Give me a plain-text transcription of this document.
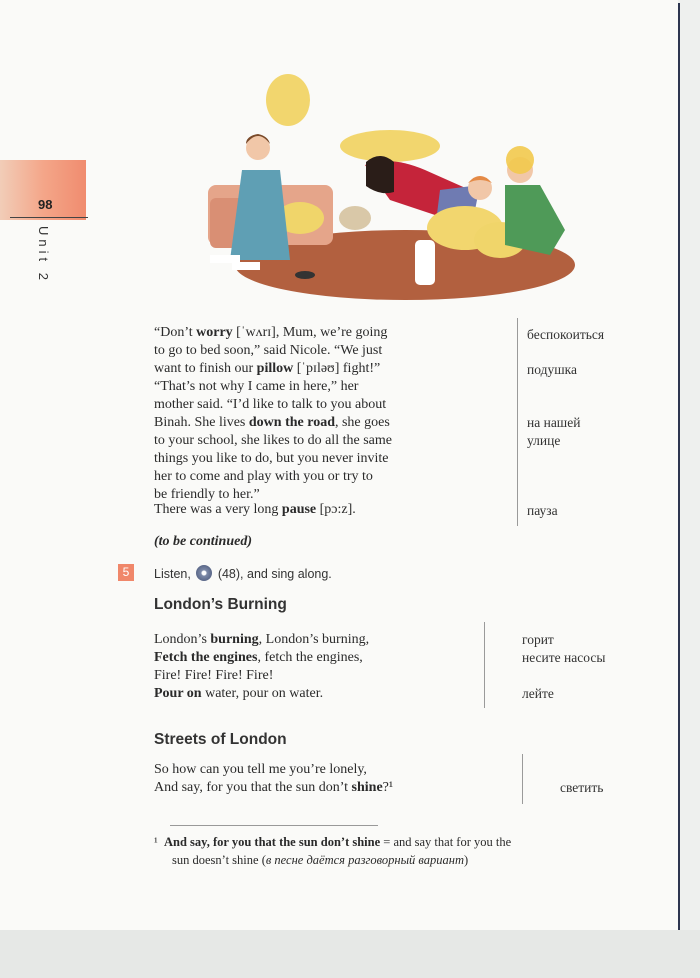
98
Unit 2
“Don’t worry [ˈwʌrɪ], Mum, we’re going
to go to bed soon,” said Nicole. “We just
want to finish our pillow [ˈpɪləʊ] fight!”
“That’s not why I came in here,” her
mother said. “I’d like to talk to you about
Binah. She lives down the road, she goes
to your school, she likes to do all the same
things you like to do, but you never invite
her to come and play with you or try to
be friendly to her.”
There was a very long pause [pɔ:z].
беспокоиться
подушка
на нашей
улице
пауза
(to be continued)
5	Listen, (48), and sing along.
London’s Burning
London’s burning, London’s burning,
Fetch the engines, fetch the engines,
Fire! Fire! Fire! Fire!
Pour on water, pour on water.
горит
несите насосы
лейте
Streets of London
So how can you tell me you’re lonely,
And say, for you that the sun don’t shine?¹	светить
¹ And say, for you that the sun don’t shine = and say that for you the
sun doesn’t shine (в песне даётся разговорный вариант)
